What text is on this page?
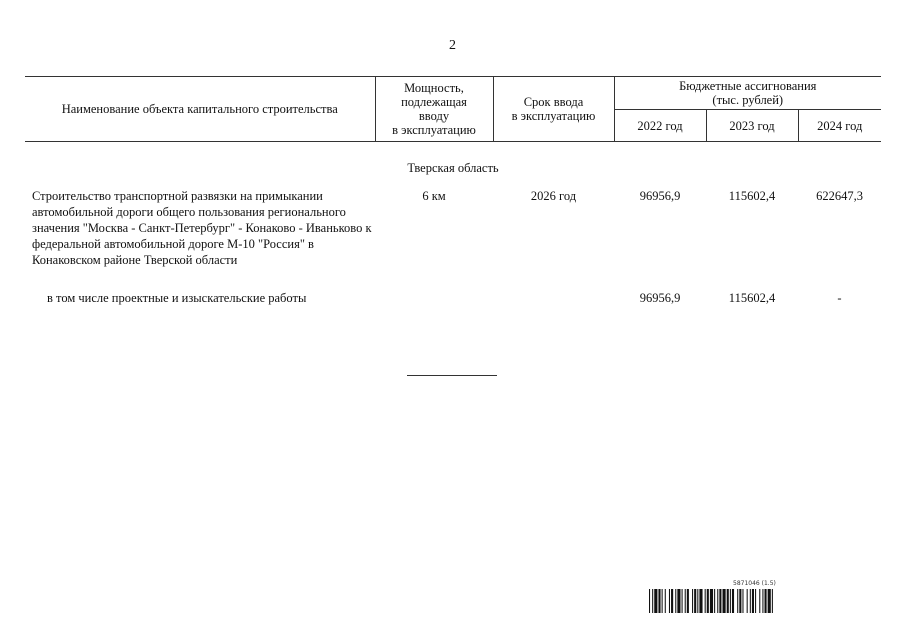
2
Наименование объекта капитального строительства	Мощность,
подлежащая
вводу
в эксплуатацию	Срок ввода
в эксплуатацию	Бюджетные ассигнования
(тыс. рублей)		
			2022 год	2023 год	2024 год
Тверская область					
Строительство транспортной развязки на примыкании автомобильной дороги общего пользования регионального значения "Москва - Санкт-Петербург" - Конаково - Иваньково к федеральной автомобильной дороге М-10 "Россия" в Конаковском районе Тверской области	6 км	2026 год	96956,9	115602,4	622647,3
в том числе проектные и изыскательские работы			96956,9	115602,4	-
5871046 (1.5)
